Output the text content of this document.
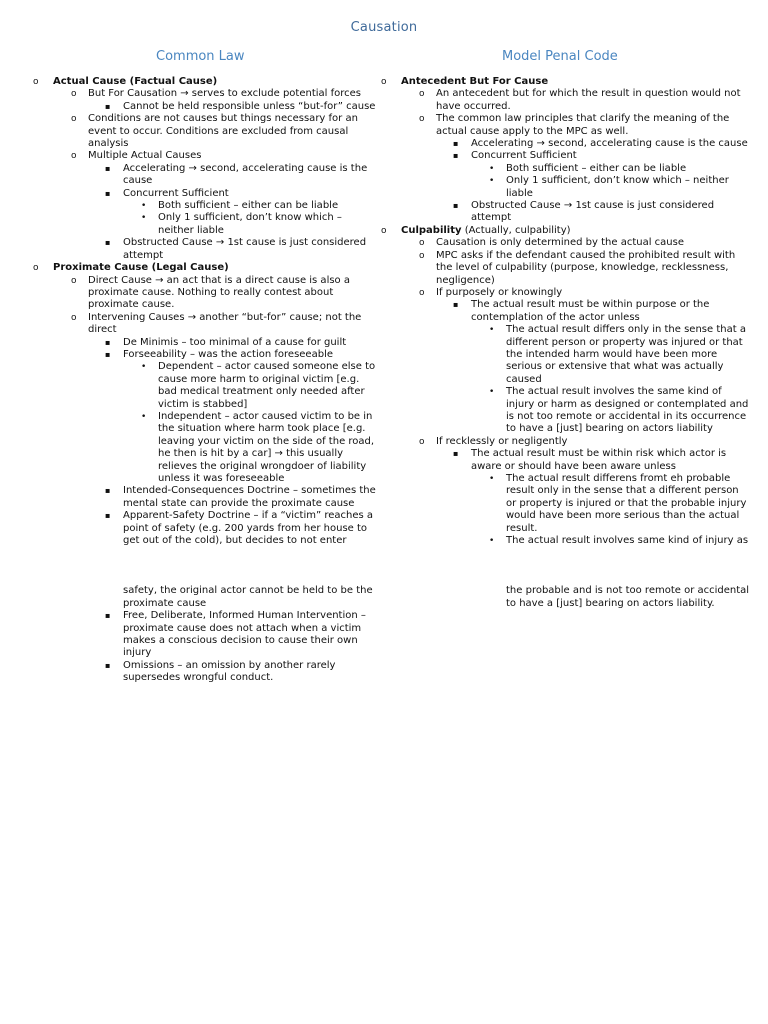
Causation
Common Law	Model Penal Code
o	Actual Cause (Factual Cause)
o	But For Causation → serves to exclude potential forces
▪	Cannot be held responsible unless “but-for” cause
o	Conditions are not causes but things necessary for an event to occur. Conditions are excluded from causal analysis
o	Multiple Actual Causes
▪	Accelerating → second, accelerating cause is the cause
▪	Concurrent Sufficient
•	Both sufficient – either can be liable
•	Only 1 sufficient, don’t know which – neither liable
▪	Obstructed Cause → 1st cause is just considered attempt
o	Proximate Cause (Legal Cause)
o	Direct Cause → an act that is a direct cause is also a proximate cause. Nothing to really contest about proximate cause.
o	Intervening Causes → another “but-for” cause; not the direct
▪	De Minimis – too minimal of a cause for guilt
▪	Forseeability – was the action foreseeable
•	Dependent – actor caused someone else to cause more harm to original victim [e.g. bad medical treatment only needed after victim is stabbed]
•	Independent – actor caused victim to be in the situation where harm took place [e.g. leaving your victim on the side of the road, he then is hit by a car] → this usually relieves the original wrongdoer of liability unless it was foreseeable
▪	Intended-Consequences Doctrine – sometimes the mental state can provide the proximate cause
▪	Apparent-Safety Doctrine – if a “victim” reaches a point of safety (e.g. 200 yards from her house to get out of the cold), but decides to not enter
safety, the original actor cannot be held to be the proximate cause
▪	Free, Deliberate, Informed Human Intervention – proximate cause does not attach when a victim makes a conscious decision to cause their own injury
▪	Omissions – an omission by another rarely supersedes wrongful conduct.
o	Antecedent But For Cause
o	An antecedent but for which the result in question would not have occurred.
o	The common law principles that clarify the meaning of the actual cause apply to the MPC as well.
▪	Accelerating → second, accelerating cause is the cause
▪	Concurrent Sufficient
•	Both sufficient – either can be liable
•	Only 1 sufficient, don’t know which – neither liable
▪	Obstructed Cause → 1st cause is just considered attempt
o	Culpability (Actually, culpability)
o	Causation is only determined by the actual cause
o	MPC asks if the defendant caused the prohibited result with the level of culpability (purpose, knowledge, recklessness, negligence)
o	If purposely or knowingly
▪	The actual result must be within purpose or the contemplation of the actor unless
•	The actual result differs only in the sense that a different person or property was injured or that the intended harm would have been more serious or extensive that what was actually caused
•	The actual result involves the same kind of injury or harm as designed or contemplated and is not too remote or accidental in its occurrence to have a [just] bearing on actors liability
o	If recklessly or negligently
▪	The actual result must be within risk which actor is aware or should have been aware unless
•	The actual result differens fromt eh probable result only in the sense that a different person or property is injured or that the probable injury would have been more serious than the actual result.
•	The actual result involves same kind of injury as
the probable and is not too remote or accidental to have a [just] bearing on actors liability.
